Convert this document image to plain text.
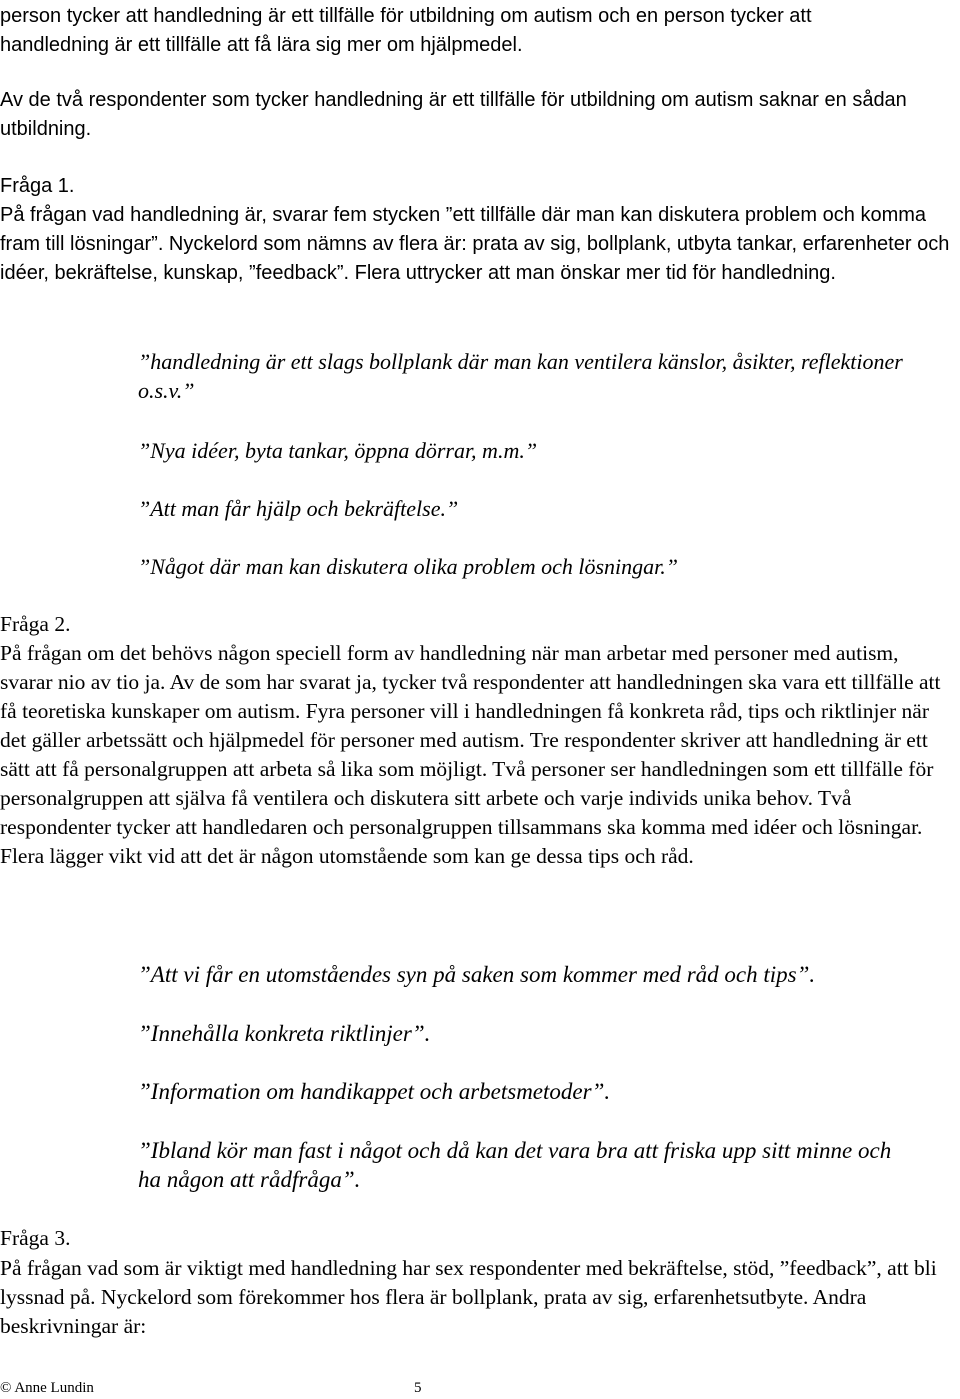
person tycker att handledning är ett tillfälle för utbildning om autism och en person tycker att
handledning är ett tillfälle att få lära sig mer om hjälpmedel.

Av de två respondenter som tycker handledning är ett tillfälle för utbildning om autism saknar en sådan utbildning.

Fråga 1.

På frågan vad handledning är, svarar fem stycken ”ett tillfälle där man kan diskutera problem och komma fram till lösningar”. Nyckelord som nämns av flera är: prata av sig, bollplank, utbyta tankar, erfarenheter och idéer, bekräftelse, kunskap, ”feedback”. Flera uttrycker att man önskar mer tid för handledning.

”handledning är ett slags bollplank där man kan ventilera känslor, åsikter, reflektioner o.s.v.”

”Nya idéer, byta tankar, öppna dörrar, m.m.”

”Att man får hjälp och bekräftelse.”

”Något där man kan diskutera olika problem och lösningar.”

Fråga 2.

På frågan om det behövs någon speciell form av handledning när man arbetar med personer med autism, svarar nio av tio ja. Av de som har svarat ja, tycker två respondenter att handledningen ska vara ett tillfälle att få teoretiska kunskaper om autism. Fyra personer vill i handledningen få konkreta råd, tips och riktlinjer när det gäller arbetssätt och hjälpmedel för personer med autism. Tre respondenter skriver att handledning är ett sätt att få personalgruppen att arbeta så lika som möjligt. Två personer ser handledningen som ett tillfälle för personalgruppen att själva få ventilera och diskutera sitt arbete och varje individs unika behov. Två respondenter tycker att handledaren och personalgruppen tillsammans ska komma med idéer och lösningar. Flera lägger vikt vid att det är någon utomstående som kan ge dessa tips och råd.

”Att vi får en utomståendes syn på saken som kommer med råd och tips”.

”Innehålla konkreta riktlinjer”.

”Information om handikappet och arbetsmetoder”.

”Ibland kör man fast i något och då kan det vara bra att friska upp sitt minne och ha någon att rådfråga”.

Fråga 3.

På frågan vad som är viktigt med handledning har sex respondenter med bekräftelse, stöd, ”feedback”, att bli lyssnad på. Nyckelord som förekommer hos flera är bollplank, prata av sig, erfarenhetsutbyte. Andra beskrivningar är:

© Anne Lundin	5
